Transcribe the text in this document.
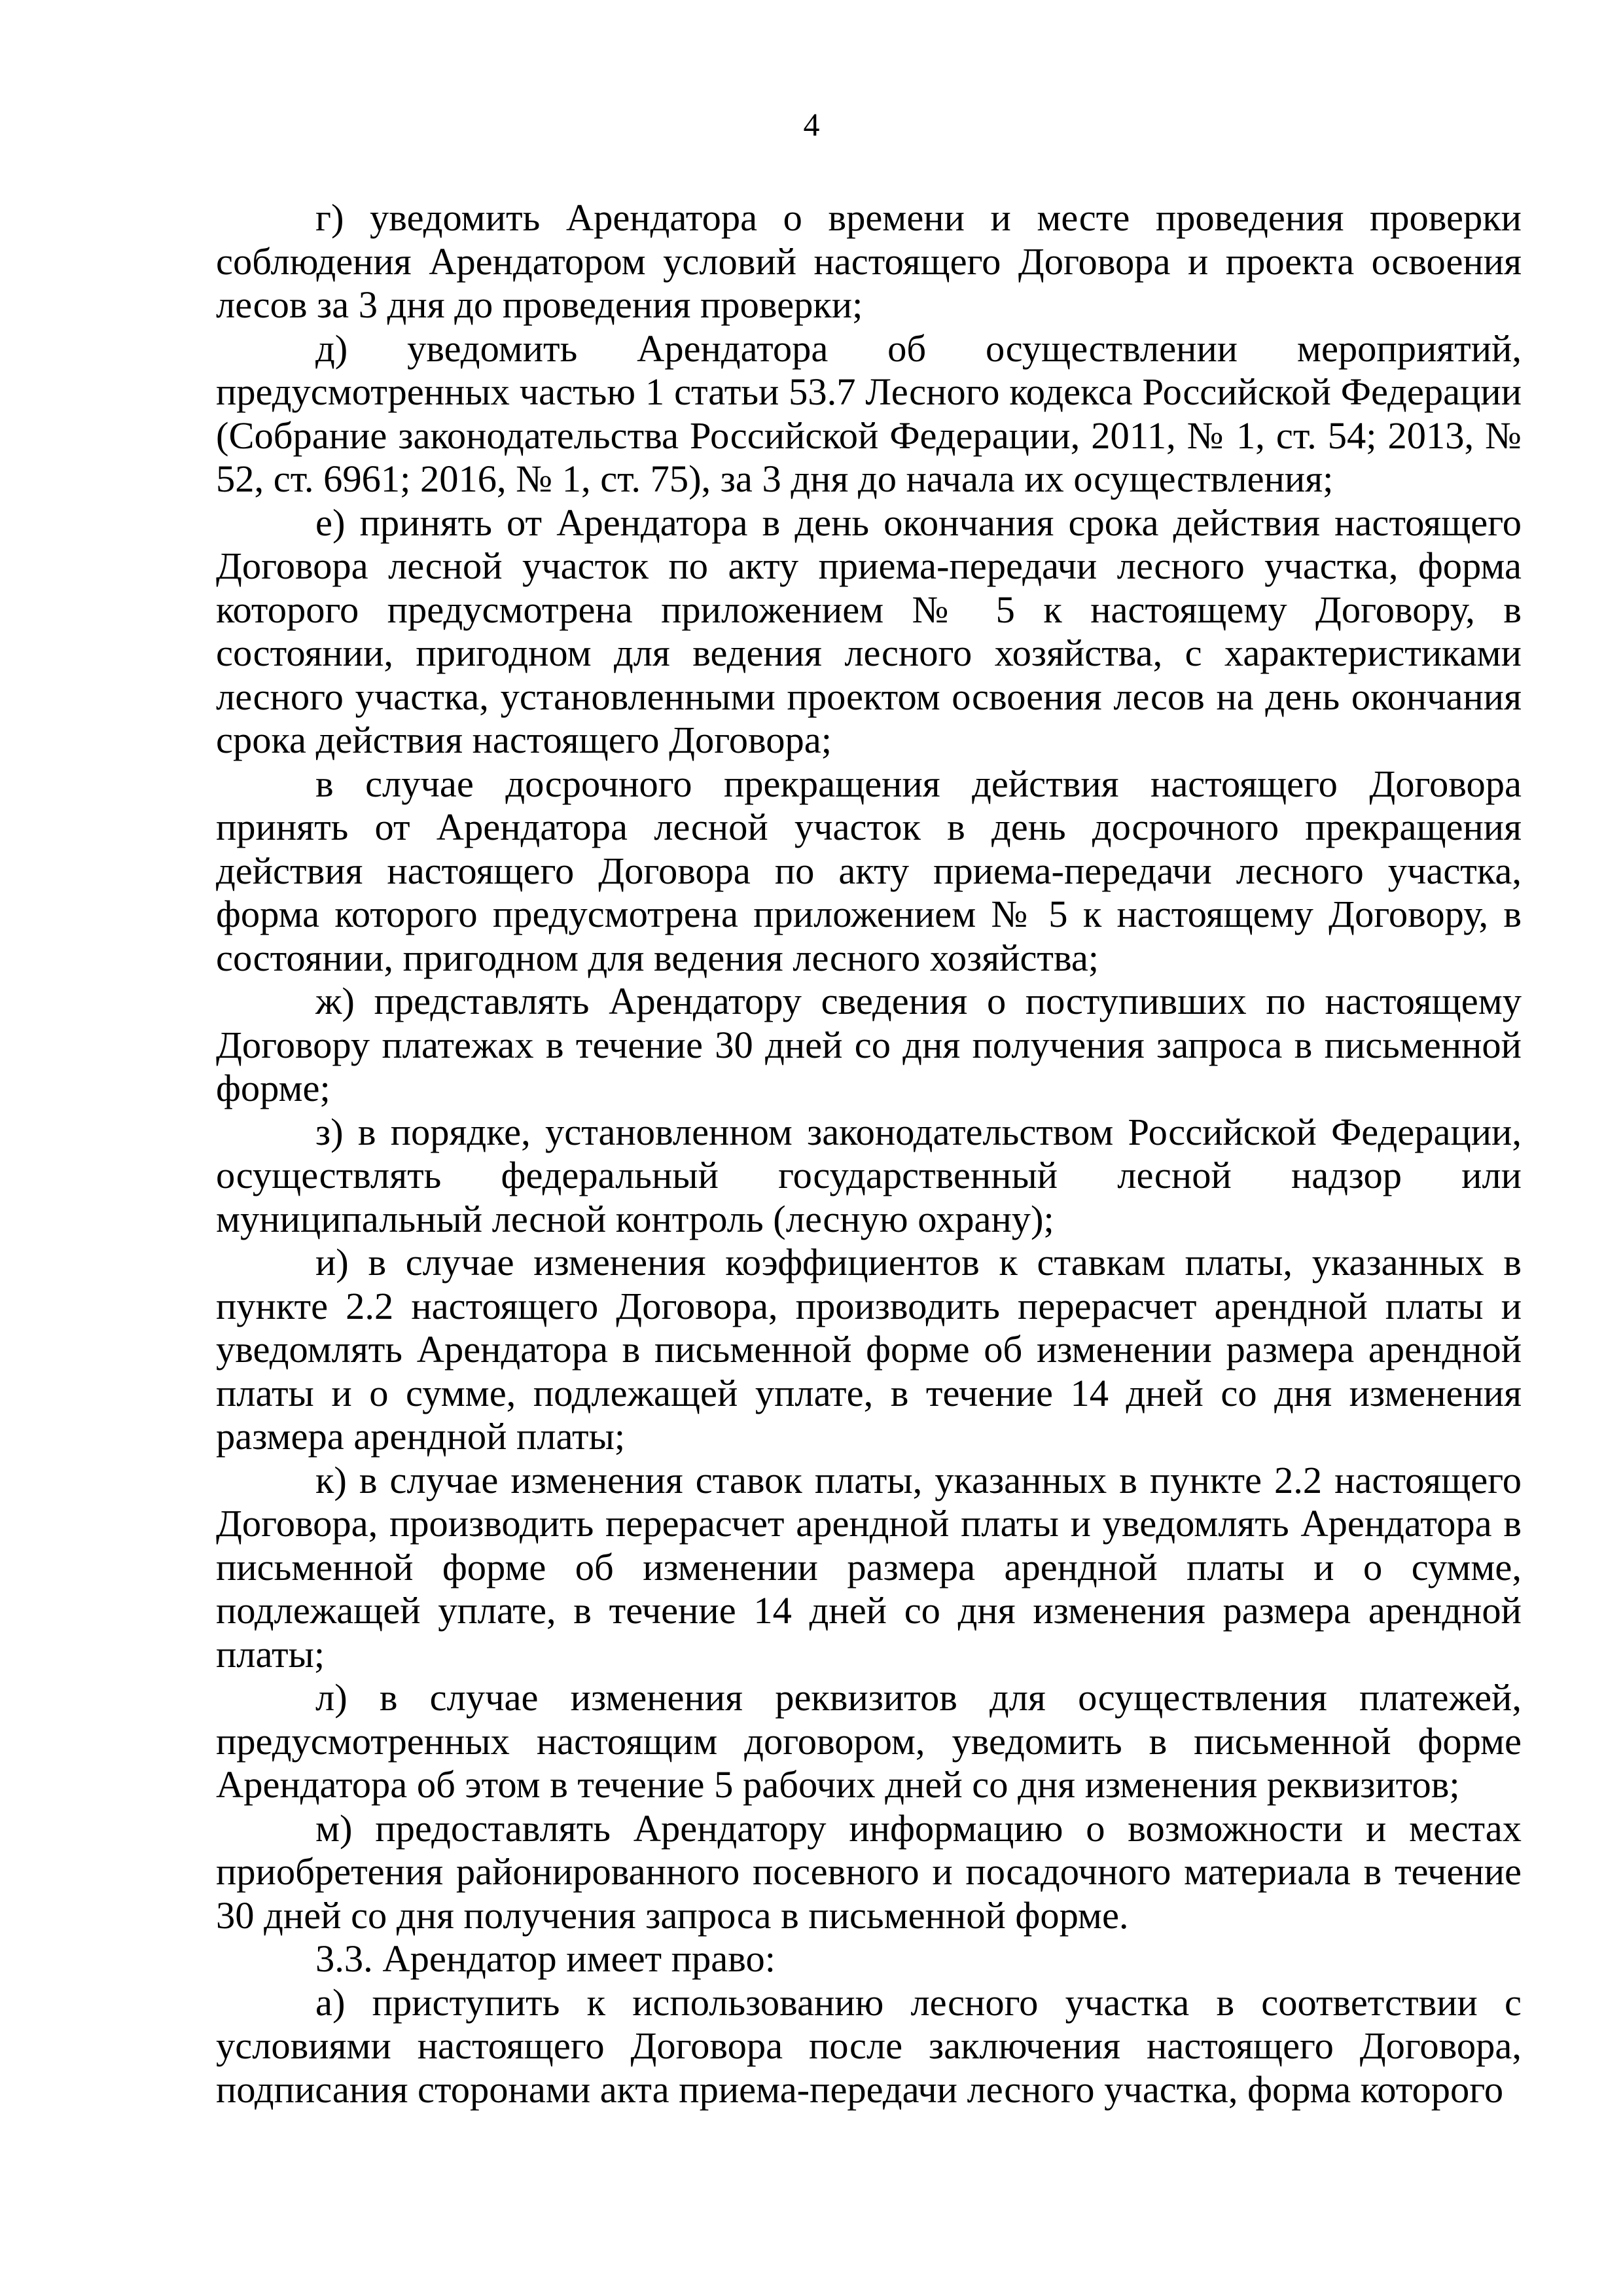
4

г) уведомить Арендатора о времени и месте проведения проверки соблюдения Арендатором условий настоящего Договора и проекта освоения лесов за 3 дня до проведения проверки;

д) уведомить Арендатора об осуществлении мероприятий, предусмотренных частью 1 статьи 53.7 Лесного кодекса Российской Федерации (Собрание законодательства Российской Федерации, 2011, № 1, ст. 54; 2013, № 52, ст. 6961; 2016, № 1, ст. 75), за 3 дня до начала их осуществления;

е) принять от Арендатора в день окончания срока действия настоящего Договора лесной участок по акту приема-передачи лесного участка, форма которого предусмотрена приложением № 5 к настоящему Договору, в состоянии, пригодном для ведения лесного хозяйства, с характеристиками лесного участка, установленными проектом освоения лесов на день окончания срока действия настоящего Договора;

в случае досрочного прекращения действия настоящего Договора принять от Арендатора лесной участок в день досрочного прекращения действия настоящего Договора по акту приема-передачи лесного участка, форма которого предусмотрена приложением № 5 к настоящему Договору, в состоянии, пригодном для ведения лесного хозяйства;

ж) представлять Арендатору сведения о поступивших по настоящему Договору платежах в течение 30 дней со дня получения запроса в письменной форме;

з) в порядке, установленном законодательством Российской Федерации, осуществлять федеральный государственный лесной надзор или муниципальный лесной контроль (лесную охрану);

и) в случае изменения коэффициентов к ставкам платы, указанных в пункте 2.2 настоящего Договора, производить перерасчет арендной платы и уведомлять Арендатора в письменной форме об изменении размера арендной платы и о сумме, подлежащей уплате, в течение 14 дней со дня изменения размера арендной платы;

к) в случае изменения ставок платы, указанных в пункте 2.2 настоящего Договора, производить перерасчет арендной платы и уведомлять Арендатора в письменной форме об изменении размера арендной платы и о сумме, подлежащей уплате, в течение 14 дней со дня изменения размера арендной платы;

л) в случае изменения реквизитов для осуществления платежей, предусмотренных настоящим договором, уведомить в письменной форме Арендатора об этом в течение 5 рабочих дней со дня изменения реквизитов;

м) предоставлять Арендатору информацию о возможности и местах приобретения районированного посевного и посадочного материала в течение 30 дней со дня получения запроса в письменной форме.

3.3. Арендатор имеет право:

а) приступить к использованию лесного участка в соответствии с условиями настоящего Договора после заключения настоящего Договора, подписания сторонами акта приема-передачи лесного участка, форма которого
